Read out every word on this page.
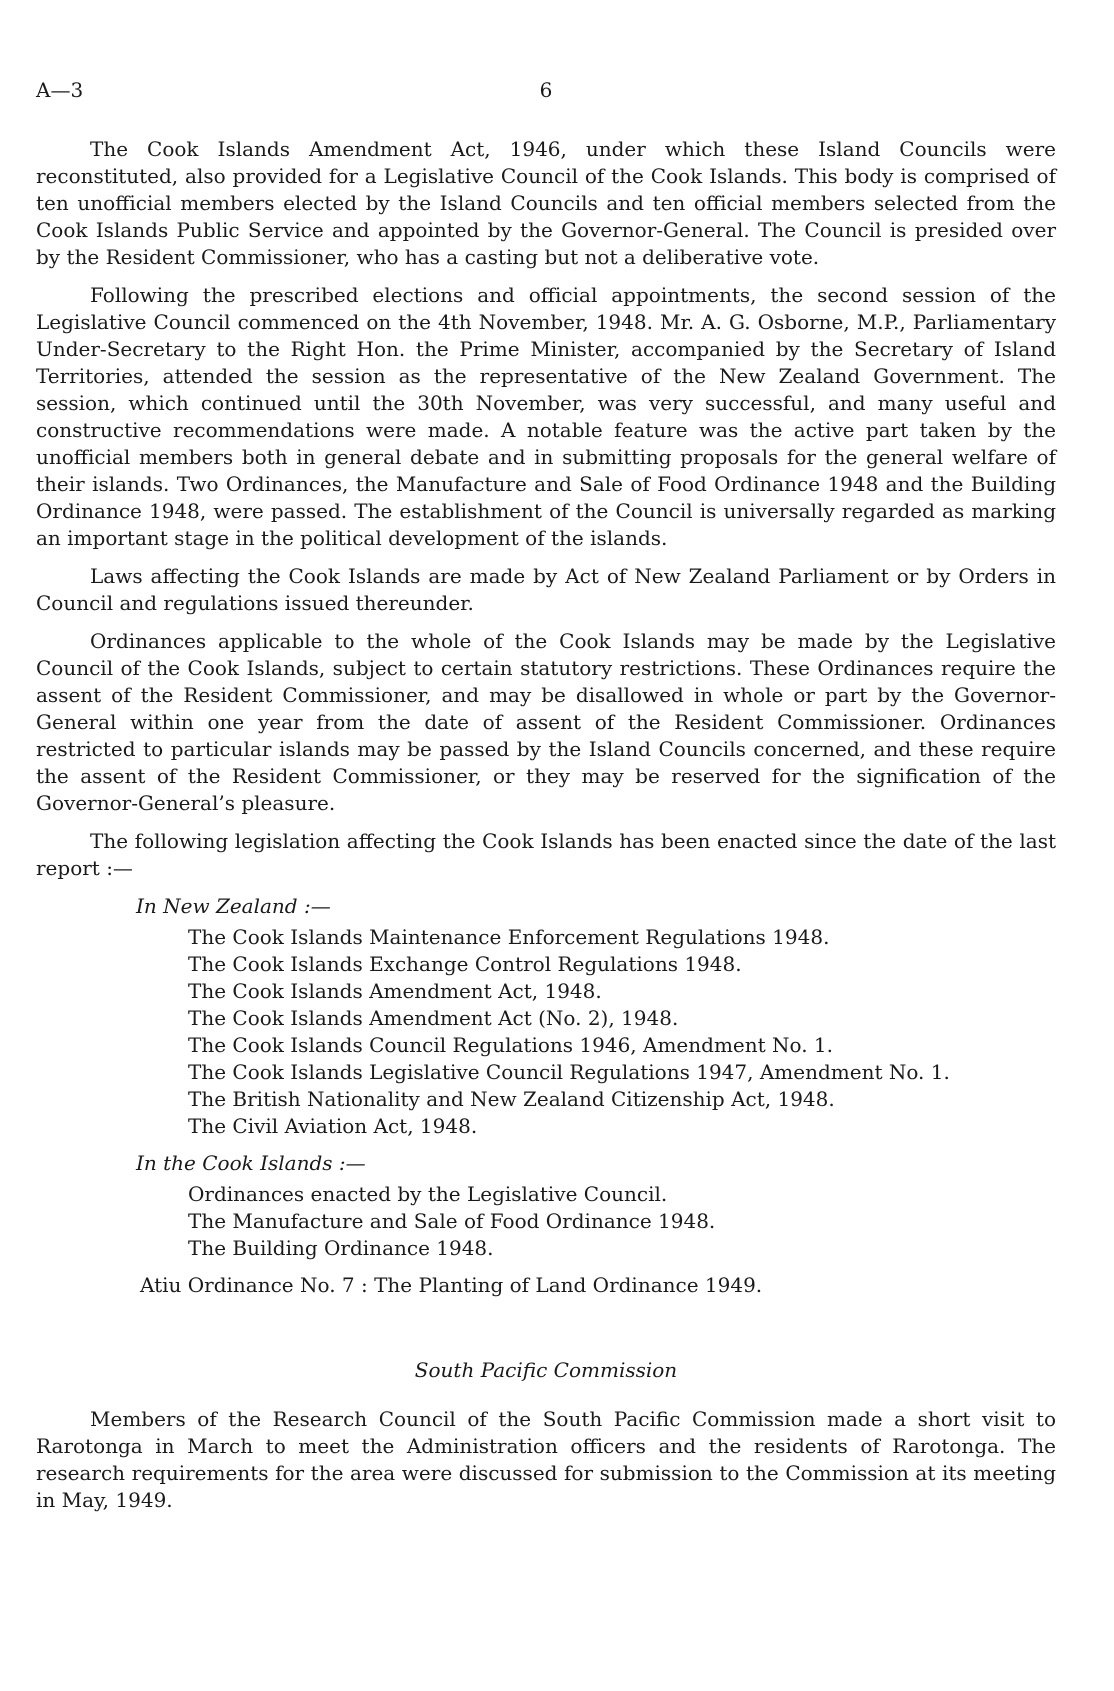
A—3	6

The Cook Islands Amendment Act, 1946, under which these Island Councils were reconstituted, also provided for a Legislative Council of the Cook Islands. This body is comprised of ten unofficial members elected by the Island Councils and ten official members selected from the Cook Islands Public Service and appointed by the Governor-General. The Council is presided over by the Resident Commissioner, who has a casting but not a deliberative vote.

Following the prescribed elections and official appointments, the second session of the Legislative Council commenced on the 4th November, 1948. Mr. A. G. Osborne, M.P., Parliamentary Under-Secretary to the Right Hon. the Prime Minister, accompanied by the Secretary of Island Territories, attended the session as the representative of the New Zealand Government. The session, which continued until the 30th November, was very successful, and many useful and constructive recommendations were made. A notable feature was the active part taken by the unofficial members both in general debate and in submitting proposals for the general welfare of their islands. Two Ordinances, the Manufacture and Sale of Food Ordinance 1948 and the Building Ordinance 1948, were passed. The establishment of the Council is universally regarded as marking an important stage in the political development of the islands.

Laws affecting the Cook Islands are made by Act of New Zealand Parliament or by Orders in Council and regulations issued thereunder.

Ordinances applicable to the whole of the Cook Islands may be made by the Legislative Council of the Cook Islands, subject to certain statutory restrictions. These Ordinances require the assent of the Resident Commissioner, and may be disallowed in whole or part by the Governor-General within one year from the date of assent of the Resident Commissioner. Ordinances restricted to particular islands may be passed by the Island Councils concerned, and these require the assent of the Resident Commissioner, or they may be reserved for the signification of the Governor-General’s pleasure.

The following legislation affecting the Cook Islands has been enacted since the date of the last report :—

In New Zealand :—
The Cook Islands Maintenance Enforcement Regulations 1948.
The Cook Islands Exchange Control Regulations 1948.
The Cook Islands Amendment Act, 1948.
The Cook Islands Amendment Act (No. 2), 1948.
The Cook Islands Council Regulations 1946, Amendment No. 1.
The Cook Islands Legislative Council Regulations 1947, Amendment No. 1.
The British Nationality and New Zealand Citizenship Act, 1948.
The Civil Aviation Act, 1948.
In the Cook Islands :—
Ordinances enacted by the Legislative Council.
The Manufacture and Sale of Food Ordinance 1948.
The Building Ordinance 1948.
Atiu Ordinance No. 7 : The Planting of Land Ordinance 1949.
South Pacific Commission

Members of the Research Council of the South Pacific Commission made a short visit to Rarotonga in March to meet the Administration officers and the residents of Rarotonga. The research requirements for the area were discussed for submission to the Commission at its meeting in May, 1949.
